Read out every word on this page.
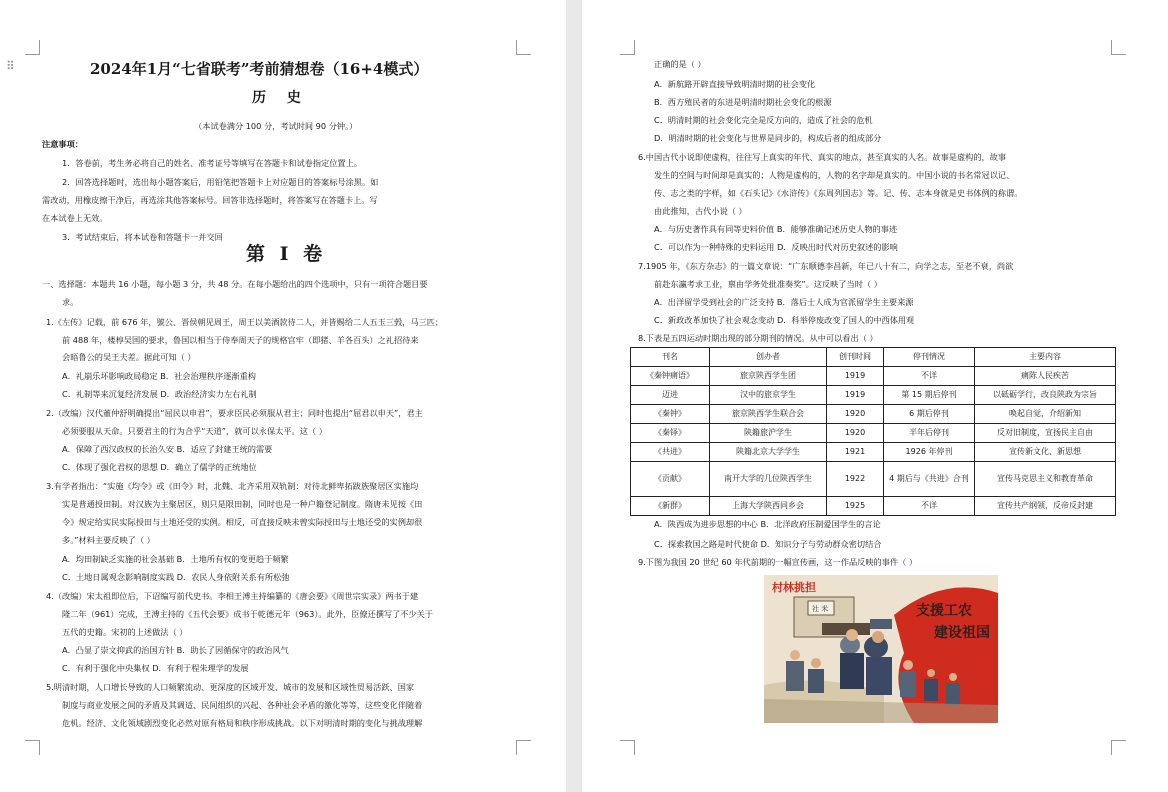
⠿	2024年1月“七省联考”考前猜想卷（16+4模式）
历 史
（本试卷满分 100 分，考试时间 90 分钟。）
注意事项：
1．答卷前，考生务必将自己的姓名、准考证号等填写在答题卡和试卷指定位置上。
2．回答选择题时，选出每小题答案后，用铅笔把答题卡上对应题目的答案标号涂黑。如
需改动，用橡皮擦干净后，再选涂其他答案标号。回答非选择题时，将答案写在答题卡上。写
在本试卷上无效。
3．考试结束后，将本试卷和答题卡一并交回
第 I 卷
一、选择题：本题共 16 小题，每小题 3 分，共 48 分。在每小题给出的四个选项中，只有一项符合题目要
求。
1.《左传》记载，前 676 年，號公、晋侯朝见周王，周王以美酒款待二人，并皆赐给二人五玉三瑴，马三匹；
前 488 年，楼椁吴国的要求，鲁国以相当于侍奉周天子的规格宫牢（即猪、羊各百头）之礼招待来
会晤鲁公的吴王夫差。据此可知（ ）
A．礼崩乐坏影响政局稳定 B．社会治理秩序逐渐重构
C．礼制等来沉复经济发展 D．政治经济实力左右礼制
2.（改编）汉代董仲舒明确提出“屈民以申君”，要求臣民必须服从君主；同时也提出“屈君以申天”，君主
必须要服从天命。只要君主的行为合乎“天道”，就可以永保太平。这（ ）
A．保障了西汉政权的长治久安 B．适应了封建王统的需要
C．体现了强化君权的思想 D．确立了儒学的正统地位
3.有学者指出：“实施《均令》或《田令》时，北魏、北齐采用双轨制：对待北鲜卑拓跋族聚居区实施均
实是普通授田制。对汉族为主聚居区，则只是限田制，同时也是一种户籍登记制度。隋唐未见按《田
令》规定给实民实际授田与土地还受的实例。相反，可直接反映未曾实际授田与土地还受的实例却很
多。”材料主要反映了（ ）
A．均田制缺乏实施的社会基础 B．土地所有权的变更趋于频繁
C．土地日属观念影响制度实践 D．农民人身依附关系有所松弛
4.（改编）宋太祖即位后，下诏编写前代史书。李相王溥主持编纂的《唐会要》《周世宗实录》两书于建
隆二年（961）完成，王溥主持的《五代会要》成书于乾德元年（963）。此外，臣僚还撰写了不少关于
五代的史籍。宋初的上述做法（ ）
A．凸显了崇文抑武的治国方针 B．助长了因循保守的政治风气
C．有利于强化中央集权 D．有利于程朱理学的发展
5.明清时期，人口增长导致的人口频繁流动、更深度的区域开发、城市的发展和区域性贸易活跃、国家
制度与商业发展之间的矛盾及其调适、民间组织的兴起、各种社会矛盾的激化等等，这些变化伴随着
危机。经济、文化领域剧烈变化必然对原有格局和秩序形成挑战。以下对明清时期的变化与挑战理解
正确的是（ ）
A．新航路开辟直接导致明清时期的社会变化
B．西方殖民者的东进是明清时期社会变化的根源
C．明清时期的社会变化完全是反方向的，造成了社会的危机
D．明清时期的社会变化与世界是同步的，构成后者的组成部分
6.中国古代小说即使虚构，往往写上真实的年代、真实的地点，甚至真实的人名。故事是虚构的，故事
发生的空间与时间却是真实的；人物是虚构的，人物的名字却是真实的。中国小说的书名常冠以记、
传、志之类的字样，如《石头记》《水浒传》《东周列国志》等。记、传、志本身就是史书体例的称谓。
由此推知，古代小说（ ）
A．与历史著作具有同等史料价值 B．能够准确记述历史人物的事迹
C．可以作为一种特殊的史料运用 D．反映出时代对历史叙述的影响
7.1905 年，《东方杂志》的一篇文章说：“广东顺德李昌新，年已八十有二，向学之志，至老不衰，尚欲
前赴东瀛考求工业，禀由学务处批准奏奖”。这反映了当时（ ）
A．出洋留学受到社会的广泛支持 B．落后士人成为官派留学生主要来源
C．新政改革加快了社会观念变动 D．科举停废改变了国人的中西体用观
8.下表是五四运动时期出现的部分期刊的情况。从中可以看出（ ）
刊名	创办者	创刊时间	停刊情况	主要内容
《秦钟痛语》	旅京陕西学生团	1919	不详	痛陈人民疾苦
迈进	汉中的旅京学生	1919	第 15 期后停刊	以砥砺学行，改良陕政为宗旨
《秦钟》	旅京陕西学生联合会	1920	6 期后停刊	唤起自觉，介绍新知
《秦铎》	陕籍旅沪学生	1920	半年后停刊	反对旧制度，宣扬民主自由
《共进》	陕籍北京大学学生	1921	1926 年停刊	宣传新文化、新思想
《贡献》	南开大学的几位陕西学生	1922	4 期后与《共进》合刊	宣传马克思主义和教育革命
《新群》	上海大学陕西同乡会	1925	不详	宣传共产纲领，反帝反封建
A．陕西成为进步思想的中心 B．北洋政府压制爱国学生的言论
C．探索救国之路是时代使命 D．知识分子与劳动群众密切结合
9.下图为我国 20 世纪 60 年代前期的一幅宣传画，这一作品反映的事件（ ）
村林挑担
社 米	支援工农
建设祖国
